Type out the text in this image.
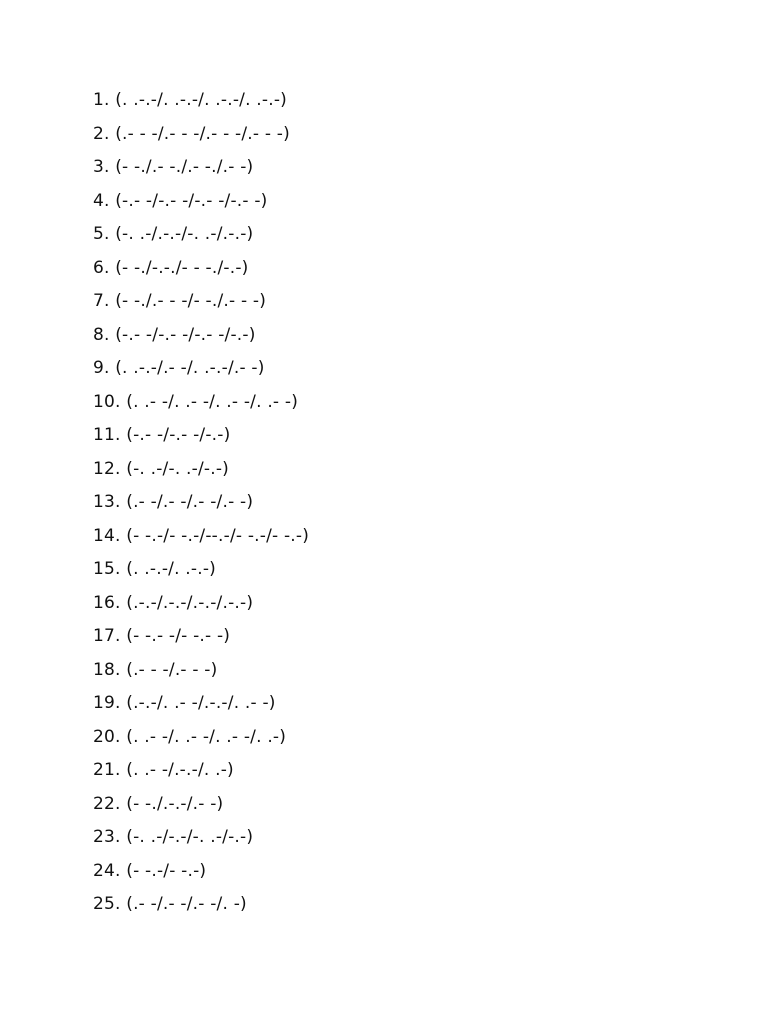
1. (. .-.-/. .-.-/. .-.-/. .-.-)
2. (.- - -/.- - -/.- - -/.- - -)
3. (- -./.- -./.- -./.- -)
4. (-.- -/-.- -/-.- -/-.- -)
5. (-. .-/.-.-/-. .-/.-.-)
6. (- -./-.-./- - -./-.-)
7. (- -./.- - -/- -./.- - -)
8. (-.- -/-.- -/-.- -/-.-)
9. (. .-.-/.- -/. .-.-/.- -)
10. (. .- -/. .- -/. .- -/. .- -)
11. (-.- -/-.- -/-.-)
12. (-. .-/-. .-/-.-)
13. (.- -/.- -/.- -/.- -)
14. (- -.-/- -.-/--.-/- -.-/- -.-)
15. (. .-.-/. .-.-)
16. (.-.-/.-.-/.-.-/.-.-)
17. (- -.- -/- -.- -)
18. (.- - -/.- - -)
19. (.-.-/. .- -/.-.-/. .- -)
20. (. .- -/. .- -/. .- -/. .-)
21. (. .- -/.-.-/. .-)
22. (- -./.-.-/.- -)
23. (-. .-/-.-/-. .-/-.-)
24. (- -.-/- -.-)
25. (.- -/.- -/.- -/. -)
